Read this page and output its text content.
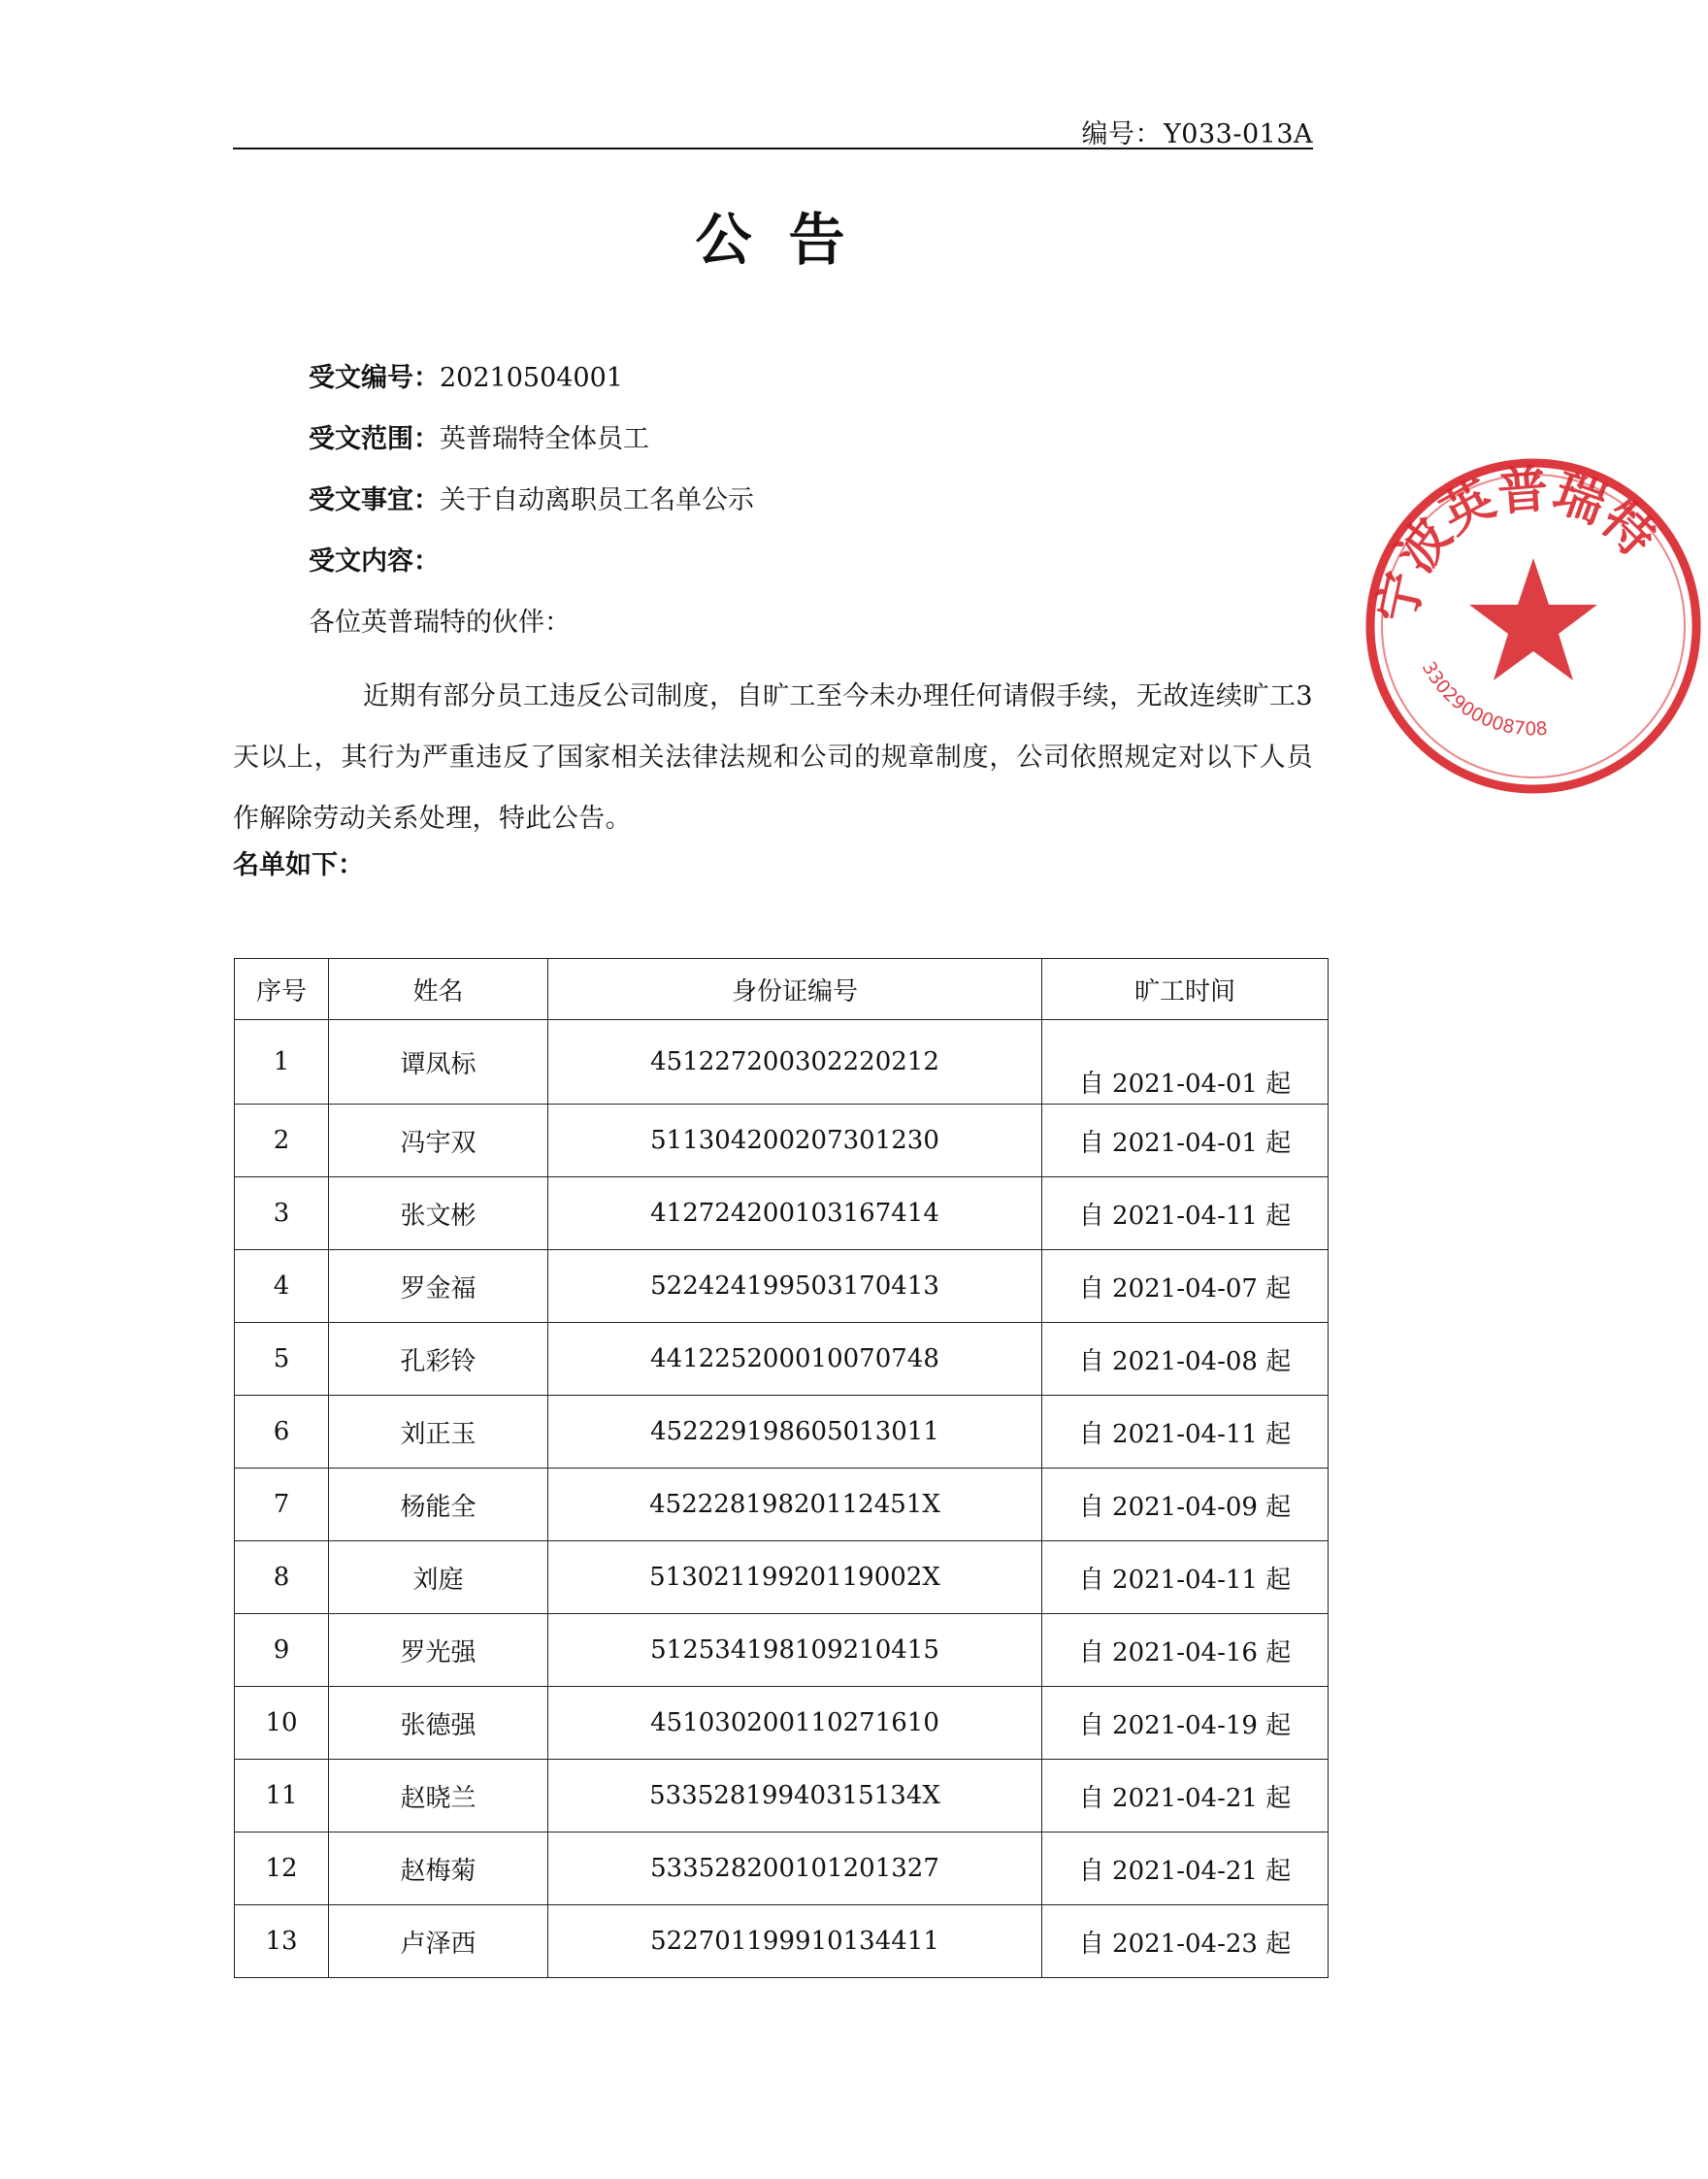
编号：Y033-013A
公告
受文编号：20210504001
受文范围：英普瑞特全体员工
受文事宜：关于自动离职员工名单公示
受文内容：
各位英普瑞特的伙伴：
近期有部分员工违反公司制度，自旷工至今未办理任何请假手续，无故连续旷工3天以上，其行为严重违反了国家相关法律法规和公司的规章制度，公司依照规定对以下人员作解除劳动关系处理，特此公告。
名单如下：
序号	姓名	身份证编号	旷工时间
1	谭凤标	451227200302220212	自 2021-04-01 起
2	冯宇双	511304200207301230	自 2021-04-01 起
3	张文彬	412724200103167414	自 2021-04-11 起
4	罗金福	522424199503170413	自 2021-04-07 起
5	孔彩铃	441225200010070748	自 2021-04-08 起
6	刘正玉	452229198605013011	自 2021-04-11 起
7	杨能全	45222819820112451X	自 2021-04-09 起
8	刘庭	51302119920119002X	自 2021-04-11 起
9	罗光强	512534198109210415	自 2021-04-16 起
10	张德强	451030200110271610	自 2021-04-19 起
11	赵晓兰	53352819940315134X	自 2021-04-21 起
12	赵梅菊	533528200101201327	自 2021-04-21 起
13	卢泽西	522701199910134411	自 2021-04-23 起
宁波英普瑞特
3302900008708
